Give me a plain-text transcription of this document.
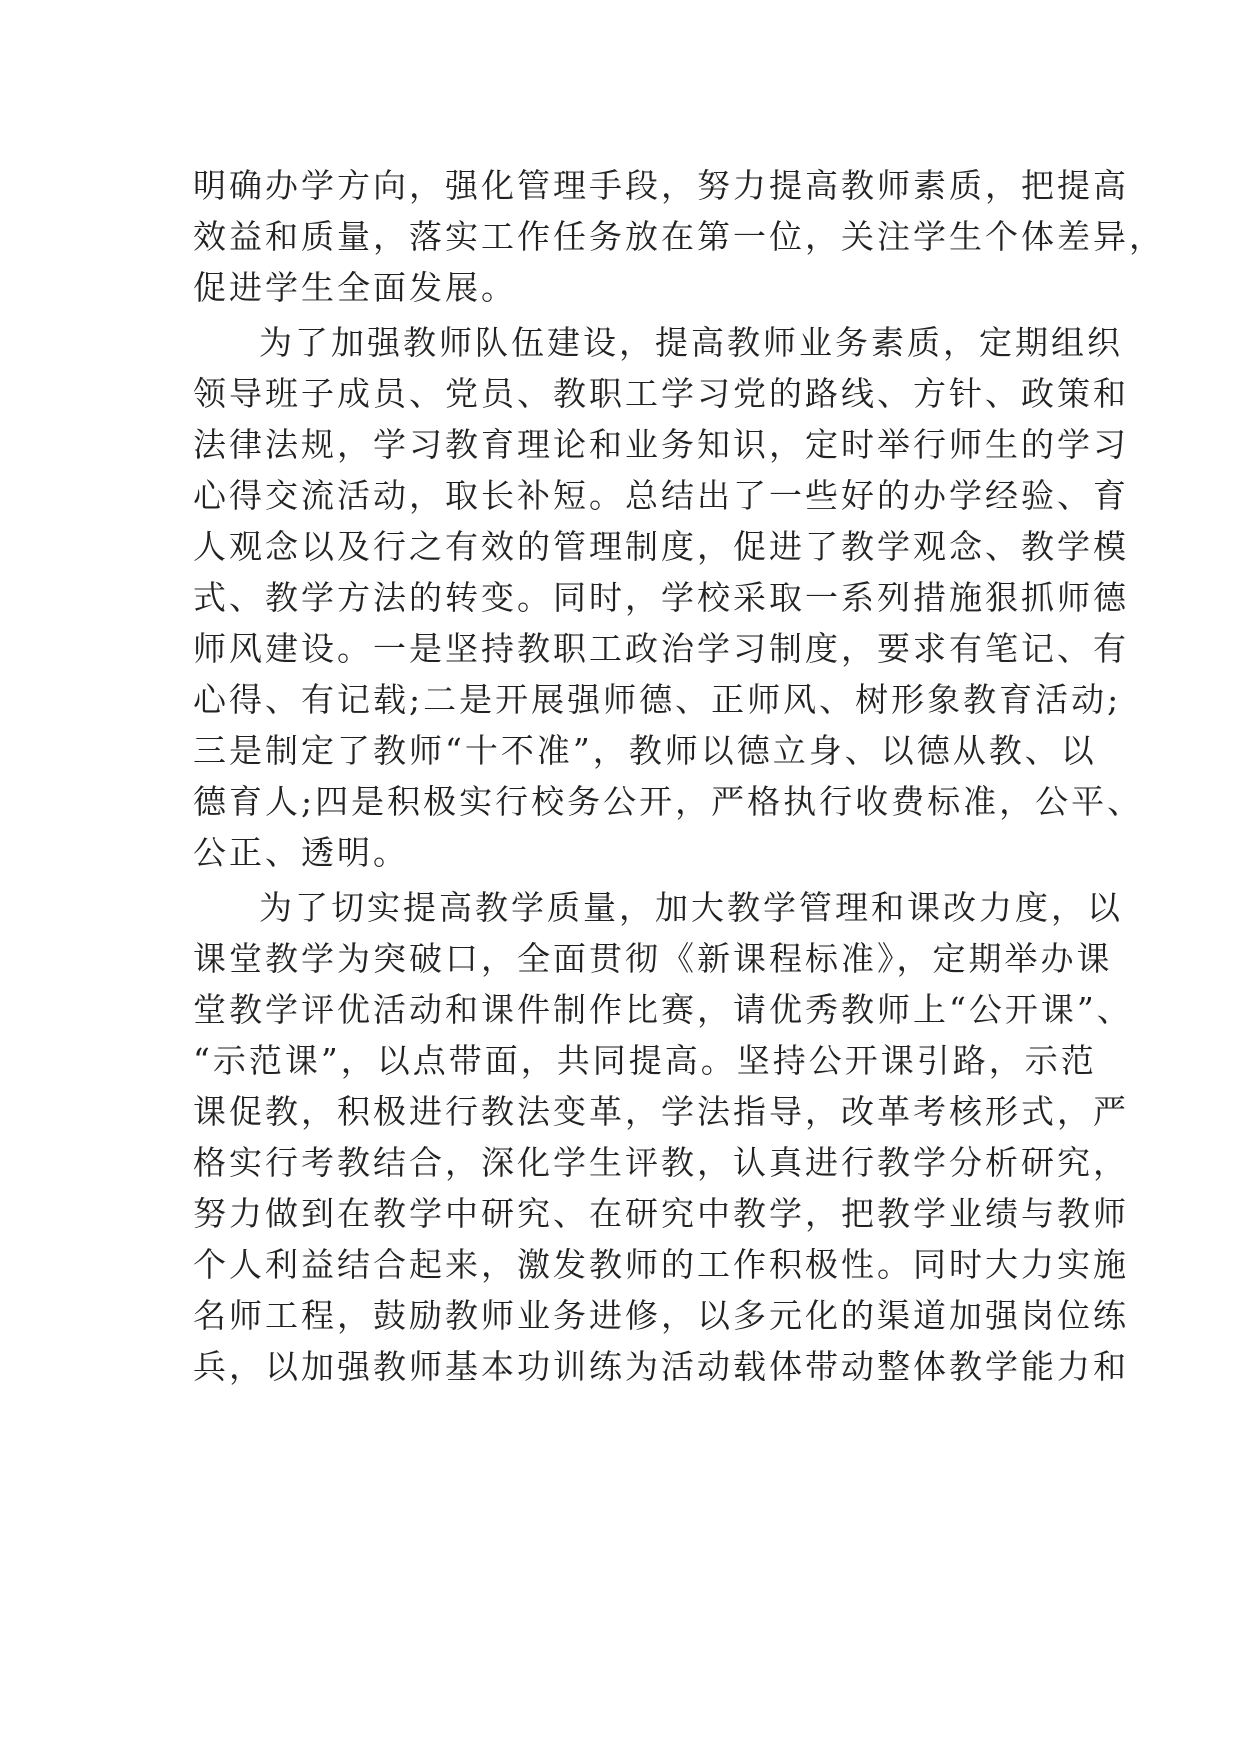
明确办学方向，强化管理手段，努力提高教师素质，把提高
效益和质量，落实工作任务放在第一位，关注学生个体差异，
促进学生全面发展。
为了加强教师队伍建设，提高教师业务素质，定期组织
领导班子成员、党员、教职工学习党的路线、方针、政策和
法律法规，学习教育理论和业务知识，定时举行师生的学习
心得交流活动，取长补短。总结出了一些好的办学经验、育
人观念以及行之有效的管理制度，促进了教学观念、教学模
式、教学方法的转变。同时，学校采取一系列措施狠抓师德
师风建设。一是坚持教职工政治学习制度，要求有笔记、有
心得、有记载;二是开展强师德、正师风、树形象教育活动;
三是制定了教师“十不准”，教师以德立身、以德从教、以
德育人;四是积极实行校务公开，严格执行收费标准，公平、
公正、透明。
为了切实提高教学质量，加大教学管理和课改力度，以
课堂教学为突破口，全面贯彻《新课程标准》，定期举办课
堂教学评优活动和课件制作比赛，请优秀教师上“公开课”、
“示范课”，以点带面，共同提高。坚持公开课引路，示范
课促教，积极进行教法变革，学法指导，改革考核形式，严
格实行考教结合，深化学生评教，认真进行教学分析研究，
努力做到在教学中研究、在研究中教学，把教学业绩与教师
个人利益结合起来，激发教师的工作积极性。同时大力实施
名师工程，鼓励教师业务进修，以多元化的渠道加强岗位练
兵，以加强教师基本功训练为活动载体带动整体教学能力和
